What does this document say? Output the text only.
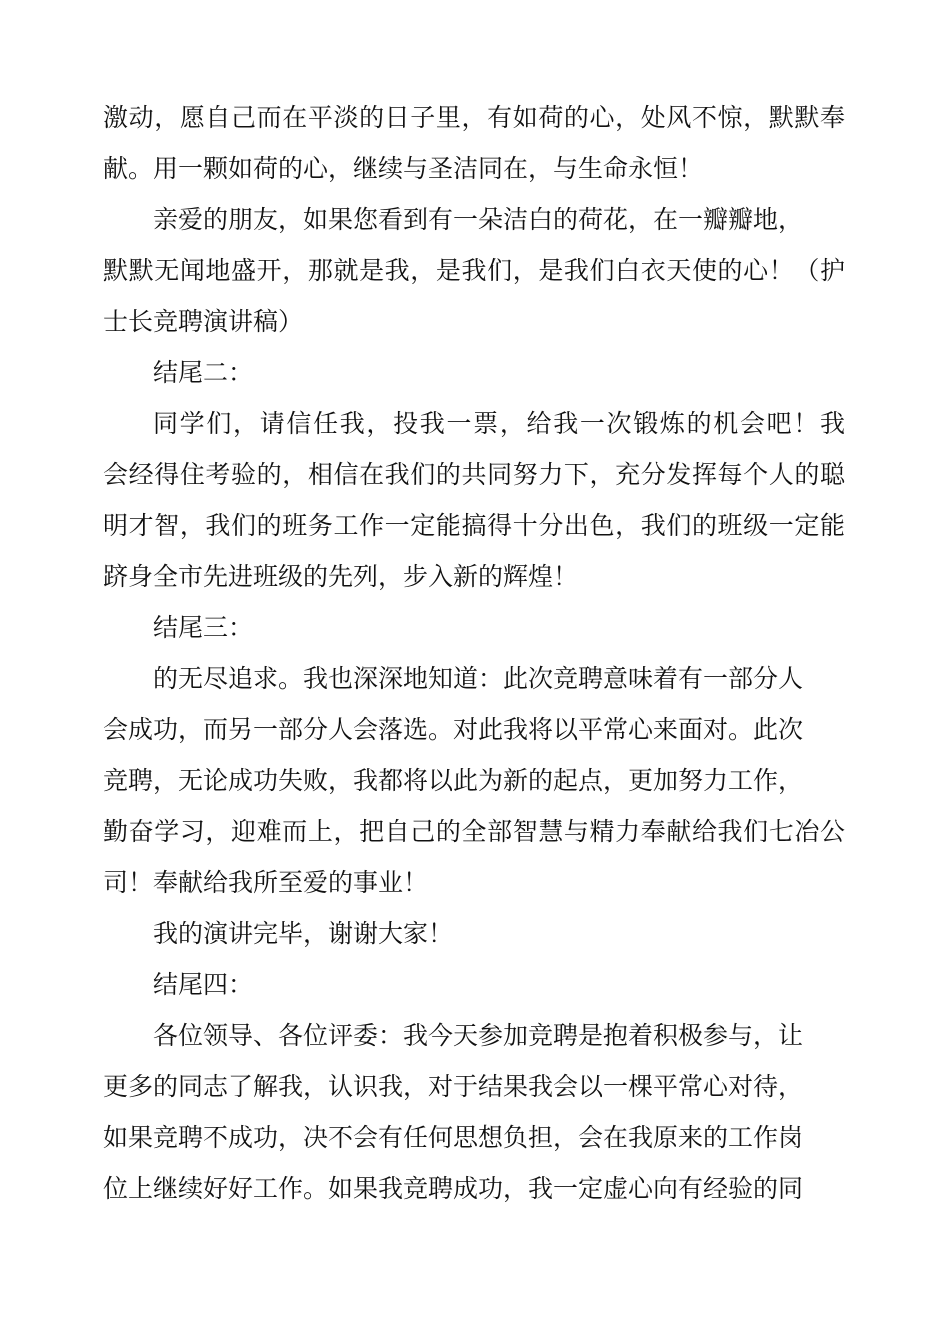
激动，愿自己而在平淡的日子里，有如荷的心，处风不惊，默默奉
献。用一颗如荷的心，继续与圣洁同在，与生命永恒！
亲爱的朋友，如果您看到有一朵洁白的荷花，在一瓣瓣地，
默默无闻地盛开，那就是我，是我们，是我们白衣天使的心！（护
士长竞聘演讲稿）
结尾二：
同学们，请信任我，投我一票，给我一次锻炼的机会吧！我
会经得住考验的，相信在我们的共同努力下，充分发挥每个人的聪
明才智，我们的班务工作一定能搞得十分出色，我们的班级一定能
跻身全市先进班级的先列，步入新的辉煌！
结尾三：
的无尽追求。我也深深地知道：此次竞聘意味着有一部分人
会成功，而另一部分人会落选。对此我将以平常心来面对。此次
竞聘，无论成功失败，我都将以此为新的起点，更加努力工作，
勤奋学习，迎难而上，把自己的全部智慧与精力奉献给我们七冶公
司！奉献给我所至爱的事业！
我的演讲完毕，谢谢大家！
结尾四：
各位领导、各位评委：我今天参加竞聘是抱着积极参与，让
更多的同志了解我，认识我，对于结果我会以一棵平常心对待，
如果竞聘不成功，决不会有任何思想负担，会在我原来的工作岗
位上继续好好工作。如果我竞聘成功，我一定虚心向有经验的同
